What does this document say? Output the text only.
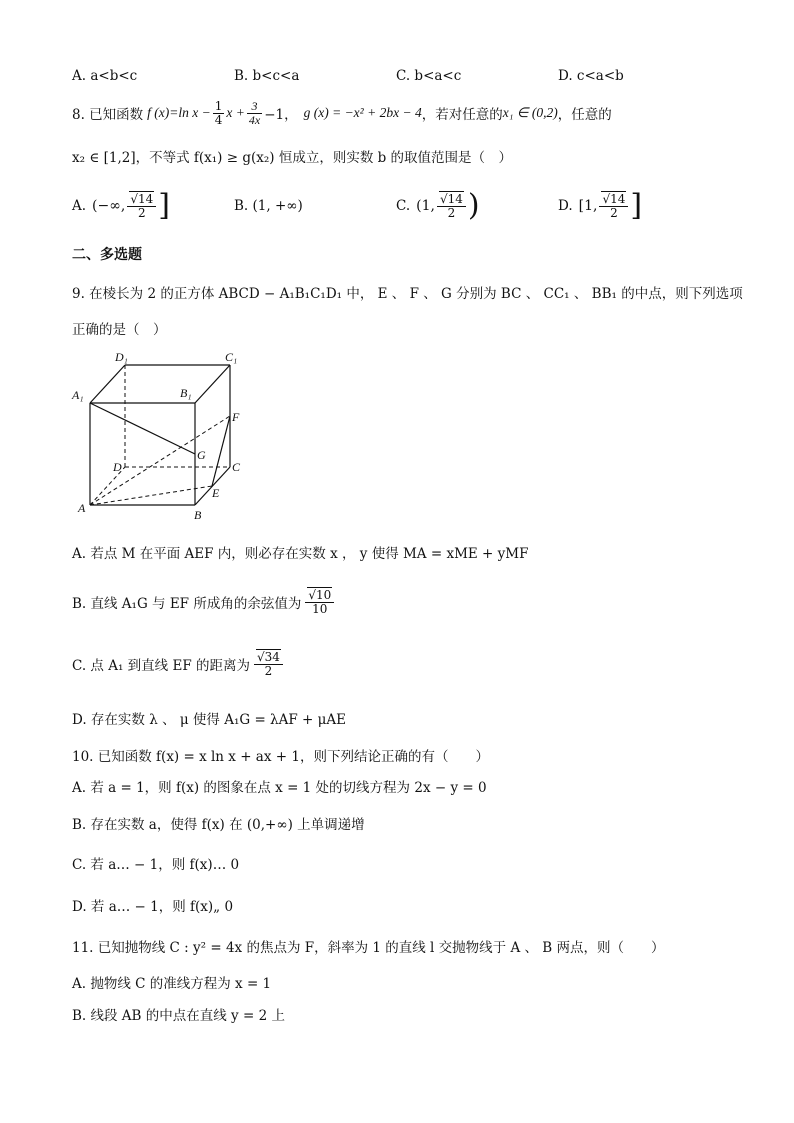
A. a<b<c	B. b<c<a	C. b<a<c	D. c<a<b
8. 已知函数 f (x)=ln $x - \frac{1}{4}$ $x + \frac{3}{4x} -1$， g (x) = −x² + 2bx − 4 ，若对任意的 x₁ ∈ (0,2) ，任意的
x₂ ∈ [1,2]，不等式 f(x₁) ≥ g(x₂) 恒成立，则实数 b 的取值范围是（　）
A. (−∞, $\frac{√14}{2}$ ]	B. (1, +∞)	C. (1, $\frac{√14}{2}$ )	D. [1, $\frac{√14}{2}$ ]
二、多选题
9. 在棱长为 2 的正方体 ABCD − A₁B₁C₁D₁ 中， E 、 F 、 G 分别为 BC 、 CC₁ 、 BB₁ 的中点，则下列选项
正确的是（　）
D₁	C₁
A₁	B₁
F
G
D	C
E
A	B
A. 若点 M 在平面 AEF 内，则必存在实数 x ， y 使得 MA = xME + yMF
B. 直线 A₁G 与 EF 所成角的余弦值为 $\frac{√10}{10}$
C. 点 A₁ 到直线 EF 的距离为 $\frac{√34}{2}$
D. 存在实数 λ 、 μ 使得 A₁G = λAF + μAE
10. 已知函数 f(x) = x ln x + ax + 1，则下列结论正确的有（　　）
A. 若 a = 1，则 f(x) 的图象在点 x = 1 处的切线方程为 2x − y = 0
B. 存在实数 a，使得 f(x) 在 (0,+∞) 上单调递增
C. 若 a… − 1，则 f(x)… 0
D. 若 a… − 1，则 f(x)„ 0
11. 已知抛物线 C : y² = 4x 的焦点为 F，斜率为 1 的直线 l 交抛物线于 A 、 B 两点，则（　　）
A. 抛物线 C 的准线方程为 x = 1
B. 线段 AB 的中点在直线 y = 2 上
